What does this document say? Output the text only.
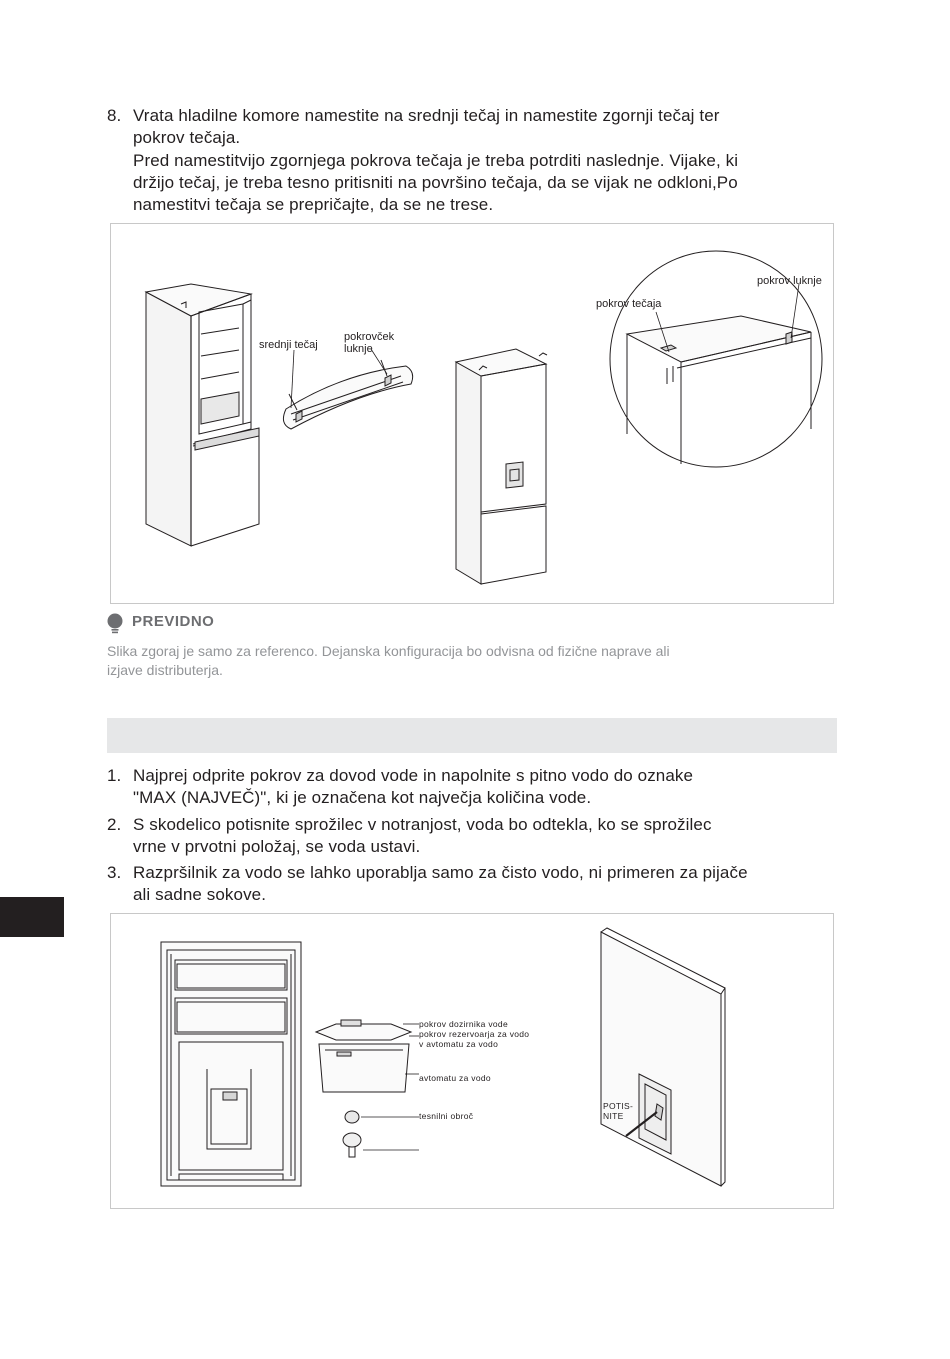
8. Vrata hladilne komore namestite na srednji tečaj in namestite zgornji tečaj ter

pokrov tečaja.

Pred namestitvijo zgornjega pokrova tečaja je treba potrditi naslednje. Vijake, ki

držijo tečaj, je treba tesno pritisniti na površino tečaja, da se vijak ne odkloni,Po

namestitvi tečaja se prepričajte, da se ne trese.

srednji tečaj
pokrovček
luknje
pokrov tečaja
pokrov luknje
PREVIDNO
Slika zgoraj je samo za referenco. Dejanska konfiguracija bo odvisna od fizične naprave ali
izjave distributerja.
1. Najprej odprite pokrov za dovod vode in napolnite s pitno vodo do oznake

"MAX (NAJVEČ)", ki je označena kot največja količina vode.

2. S skodelico potisnite sprožilec v notranjost, voda bo odtekla, ko se sprožilec

vrne v prvotni položaj, se voda ustavi.

3. Razpršilnik za vodo se lahko uporablja samo za čisto vodo, ni primeren za pijače

ali sadne sokove.

pokrov dozirnika vode
pokrov rezervoarja za vodo
v avtomatu za vodo
avtomatu za vodo
tesnilni obroč
POTIS-
NITE
